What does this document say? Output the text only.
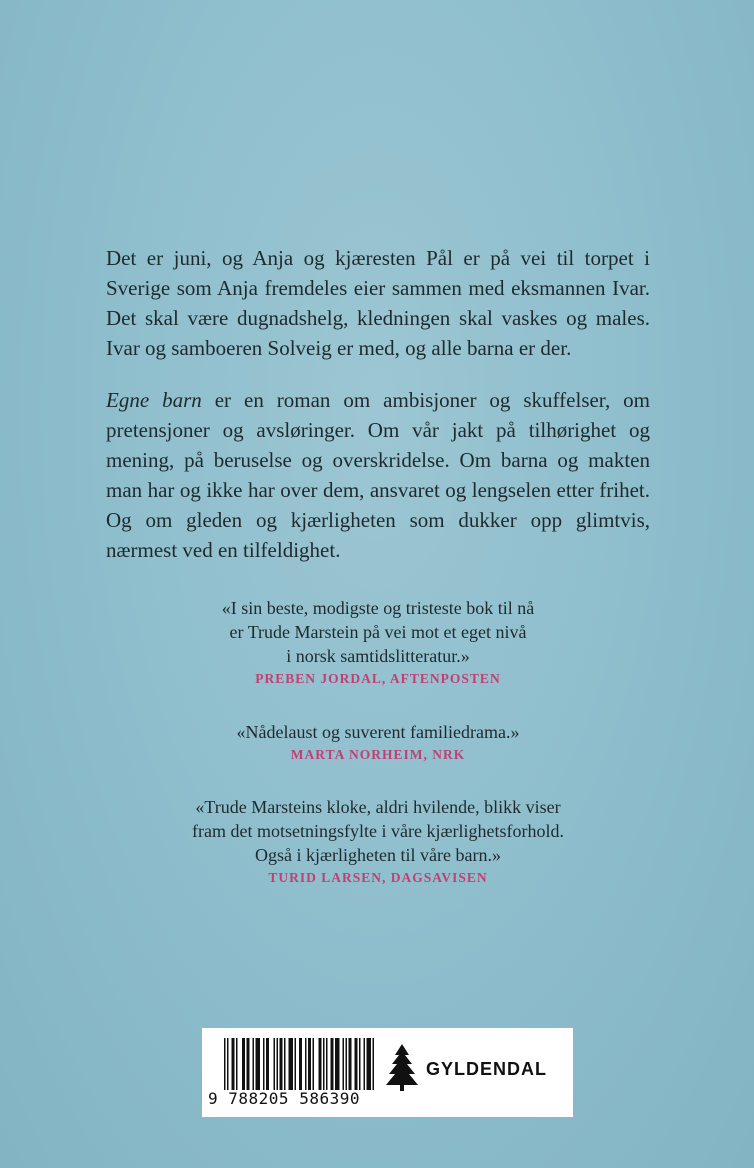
Det er juni, og Anja og kjæresten Pål er på vei til torpet i Sverige som Anja fremdeles eier sammen med eksmannen Ivar. Det skal være dugnadshelg, kledningen skal vaskes og males. Ivar og samboeren Solveig er med, og alle barna er der.

Egne barn er en roman om ambisjoner og skuffelser, om pretensjoner og avsløringer. Om vår jakt på tilhørighet og mening, på beruselse og overskridelse. Om barna og makten man har og ikke har over dem, ansvaret og lengselen etter frihet. Og om gleden og kjærligheten som dukker opp glimtvis, nærmest ved en tilfeldighet.

«I sin beste, modigste og tristeste bok til nå
er Trude Marstein på vei mot et eget nivå
i norsk samtidslitteratur.»
PREBEN JORDAL, AFTENPOSTEN
«Nådelaust og suverent familiedrama.»
MARTA NORHEIM, NRK
«Trude Marsteins kloke, aldri hvilende, blikk viser
fram det motsetningsfylte i våre kjærlighetsforhold.
Også i kjærligheten til våre barn.»
TURID LARSEN, DAGSAVISEN
9 788205 586390
GYLDENDAL
